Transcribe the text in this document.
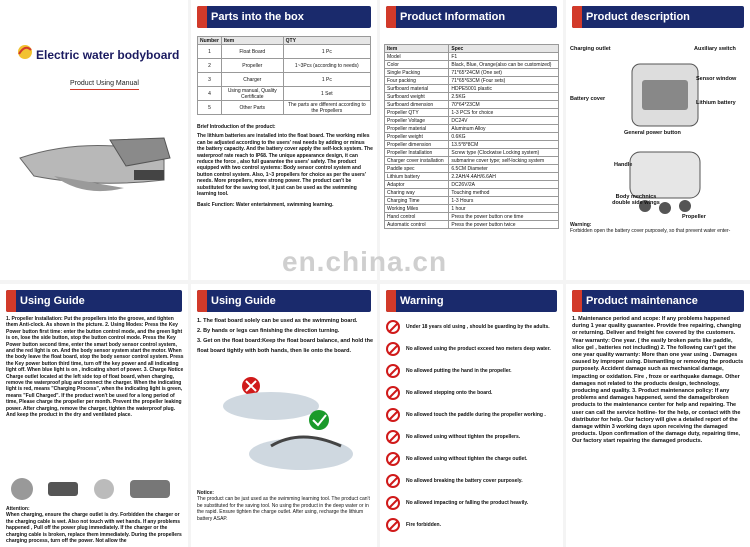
Electric water bodyboard
Product Using Manual
Parts into the box
Number	Item	QTY
1	Float Board	1 Pc
2	Propeller	1~3Pcs (according to needs)
3	Charger	1 Pc
4	Using manual, Quality Certificate	1 Set
5	Other Parts	The parts are different according to the Propellers
Brief Introduction of the product:
The lithium batteries are installed into the float board. The working miles can be adjusted according to the users' real needs by adding or minus the battery capacity. And the battery cover apply the self-lock system. The waterproof rate reach to IP68. The unique appearance design, it can reduce the force , also full guarantee the users' safety. The product equipped with two control systems: Body sensor control system and button control system. Also, 1~3 propellers for choice as per the users' needs. More propellers, more strong power. The product can't be substituted for the saving tool, it just can be used as the swimming learning tool.
Basic Function: Water entertainment, swimming learning.
Product Information
Item	Spec
Model	F1
Color	Black, Blue, Orange(also can be customized)
Single Packing	71*65*24CM (One set)
Four packing	71*65*63CM (Four sets)
Surfboard material	HDPE5001 plastic
Surfboard weight	2.5KG
Surfboard dimension	70*64*23CM
Propeller QTY	1-3 PCS for choice
Propeller Voltage	DC24V
Propeller material	Aluminum Alloy
Propeller weight	0.6KG
Propeller dimension	13.5*8*8CM
Propeller Installation	Screw type (Clockwise Locking system)
Charger cover installation	submarine cover type; self-locking system
Paddle spec	6.5CM Diameter
Lithium battery	2.2AH/4.4AH/6.6AH
Adaptor	DC26V/2A
Charing way	Touching method
Charging Time	1-3 Hours
Working Miles	1 hour
Hand control	Press the power button one time
Automatic control	Press the power button twice
Product description
Charging outlet	Auxiliary switch
Sensor window
Battery cover
Lithium battery
General power button
Handle
Body mechnics double side wings
Propeller
Warning:
Forbidden open the battery cover purposely, so that prevent water enter-
Using Guide
1. Propeller Installation: Put the propellers into the groove, and tighten them Anti-clock. As shown in the picture. 2. Using Modes: Press the Key Power button first time: enter the button control mode, and the green light is on, lose the side button, stop the button control mode. Press the Key Power button second time, enter the smart body sensor control system, and the red light is on. And the body sensor system start the motor. When the body leave the float board, stop the body sensor control system. Press the Key power button third time, turn off the key power and all indicating light off. When blue light is on , indicating short of power. 3. Charge Notice Charge outlet located at the left side top of float board, when charging, remove the waterproof plug and connect the charger. When the indicating light is red, means "Charging Process", when the indicating light is green, means "Full Charged". If the product won't be used for a long period of time, Please charge the propeller per month. Prevent the propeller leaking power. After charging, remove the charger, tighten the waterproof plug. And keep the product in the dry and ventilated place.
Attention:
When charging, ensure the charge outlet is dry. Forbidden the charger or the charging cable is wet. Also not touch with wet hands. If any problems happened , Pull off the power plug immediately. If the charger or the charging cable is broken, replace them immediately. During the propellers charging process, turn off the power. Not allow the
Using Guide
1. The float board solely can be used as the swimming board.
2. By hands or legs can finishing the direction turning.
3. Get on the float board:Keep the float board balance, and hold the float board tightly with both hands, then lie onto the board.
Notice:
The product can be just used as the swimming learning tool. The product can't be substituted for the saving tool. No using the product in the deep water or in the rapid. Ensure tighten the charge outlet. After using, recharge the lithium battery ASAP.
Warning
Under 18 years old using , should be guarding by the adults.
No allowed using the product exceed two meters deep water.
No allowed putting the hand in the propeller.
No allowed stepping onto the board.
No allowed touch the paddle during the propeller working .
No allowed using without tighten the propellers.
No allowed using without tighten the charge outlet.
No allowed breaking the battery cover purposely.
No allowed impacting or falling the product heavily.
Fire forbidden.
Product maintenance
1. Maintenance period and scope: If any problems happened during 1 year quality guarantee. Provide free repairing, changing or returning. Deliver and freight fee covered by the customers. Year warranty: One year. ( the easily broken parts like paddle, slice gel , batteries not including) 2. The following can't get the one year quality warranty: More than one year using . Damages caused by improper using. Dismantling or removing the products purposely. Accident damage such as mechanical damage, impacting or oxidation. Fire , froze or earthquake damage. Other damages not related to the products design, technology, producing and quality. 3. Product maintenance policy: If any problems and damages happened, send the damage/broken products to the maintenance center for help and repairing. The user can call the service hotline- for the help, or contact with the distributor for help. Our factory will give a detailed report of the damage within 3 working days upon receiving the damaged products. Upon confirmation of the damage duty, repairing time, Our factory start repairing the damaged products.
en.china.cn
